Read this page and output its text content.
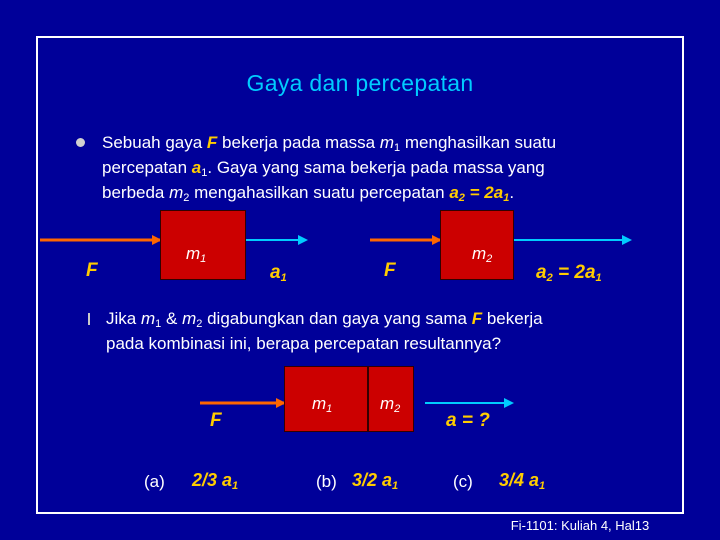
Gaya dan percepatan
Sebuah gaya F bekerja pada massa $m_1$ menghasilkan suatu
percepatan $a_1$. Gaya yang sama bekerja pada massa yang
berbeda $m_2$ mengahasilkan suatu percepatan $a_2 = 2a_1$.
F
$m_1$
$a_1$	F
$m_2$
$a_2 = 2a_1$
Jika $m_1$ & $m_2$ digabungkan dan gaya yang sama F bekerja
pada kombinasi ini, berapa percepatan resultannya?
F
$m_1$	$m_2$
a = ?
(a) 2/3 $a_1$	(b) 3/2 $a_1$	(c) 3/4 $a_1$
Fi-1101: Kuliah 4, Hal13
